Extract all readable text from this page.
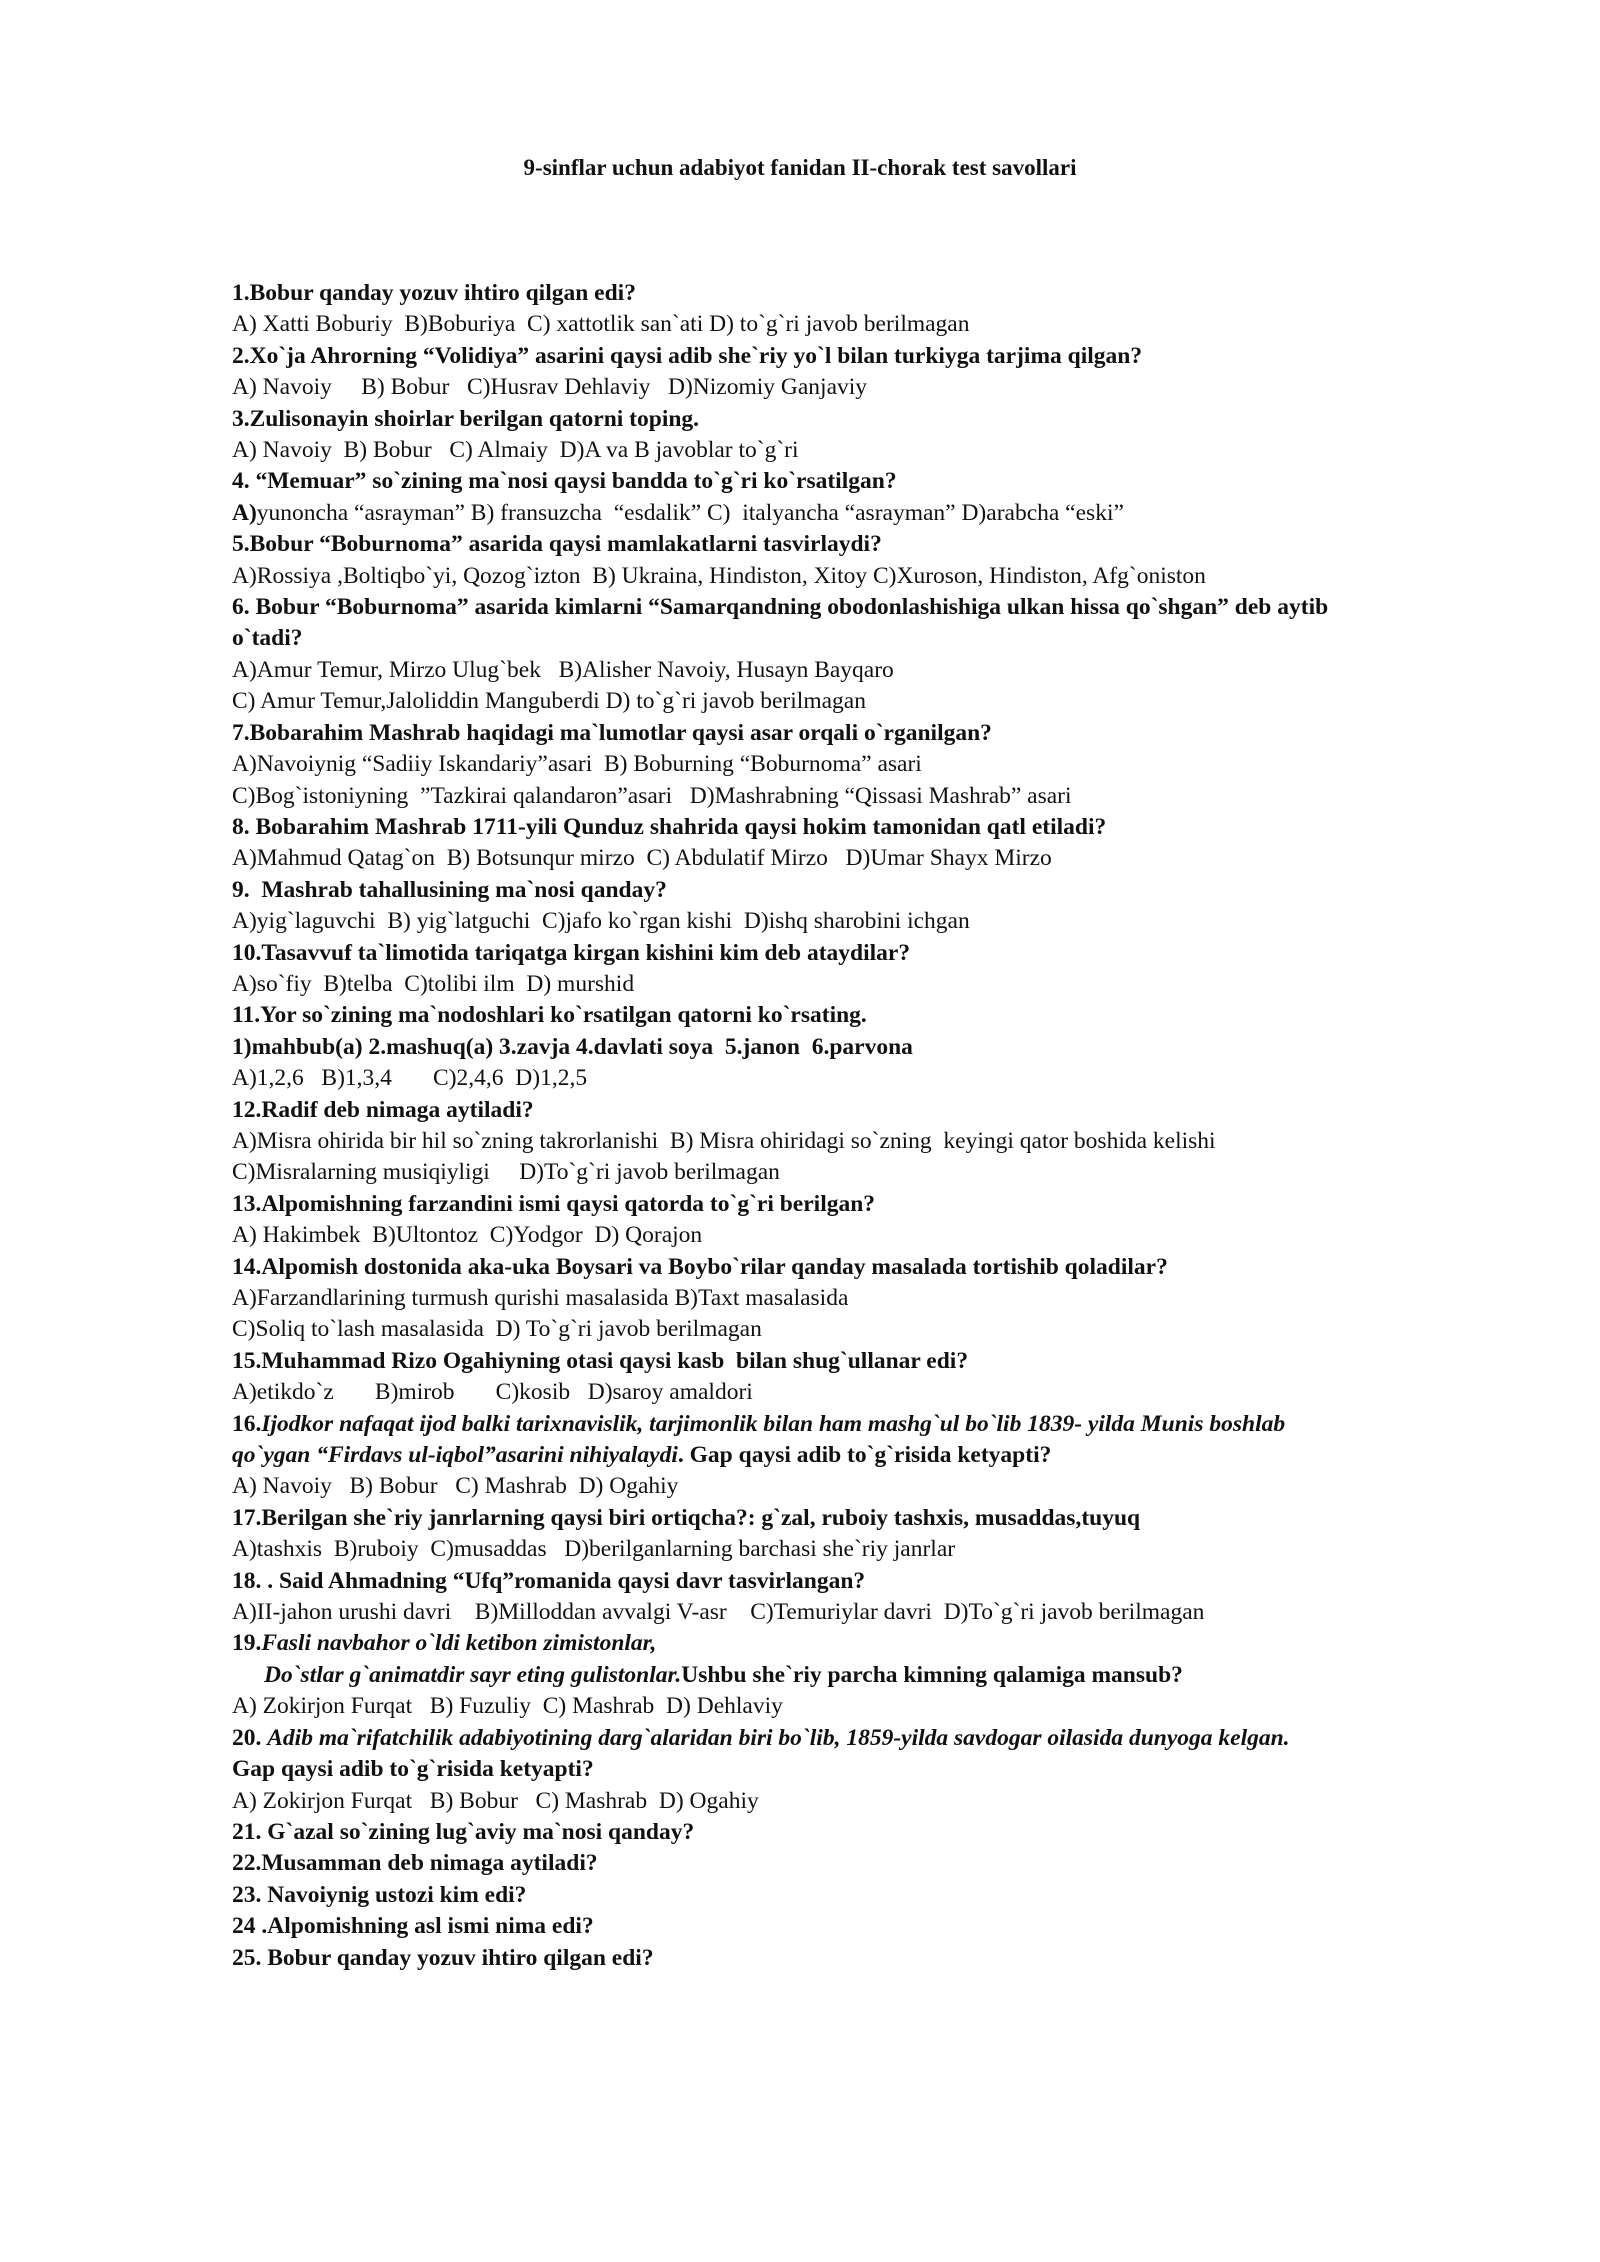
9-sinflar uchun adabiyot fanidan II-chorak test savollari
1.Bobur qanday yozuv ihtiro qilgan edi?
A) Xatti Boburiy  B)Boburiya  C) xattotlik san`ati D) to`g`ri javob berilmagan
2.Xo`ja Ahrorning “Volidiya” asarini qaysi adib she`riy yo`l bilan turkiyga tarjima qilgan?
A) Navoiy     B) Bobur   C)Husrav Dehlaviy   D)Nizomiy Ganjaviy
3.Zulisonayin shoirlar berilgan qatorni toping.
A) Navoiy  B) Bobur   C) Almaiy  D)A va B javoblar to`g`ri
4. “Memuar” so`zining ma`nosi qaysi bandda to`g`ri ko`rsatilgan?
A)yunoncha “asrayman” B) fransuzcha  “esdalik” C)  italyancha “asrayman” D)arabcha “eski”
5.Bobur “Boburnoma” asarida qaysi mamlakatlarni tasvirlaydi?
A)Rossiya ,Boltiqbo`yi, Qozog`izton  B) Ukraina, Hindiston, Xitoy C)Xuroson, Hindiston, Afg`oniston
6. Bobur “Boburnoma” asarida kimlarni “Samarqandning obodonlashishiga ulkan hissa qo`shgan” deb aytib
o`tadi?
A)Amur Temur, Mirzo Ulug`bek   B)Alisher Navoiy, Husayn Bayqaro
C) Amur Temur,Jaloliddin Manguberdi D) to`g`ri javob berilmagan
7.Bobarahim Mashrab haqidagi ma`lumotlar qaysi asar orqali o`rganilgan?
A)Navoiynig “Sadiiy Iskandariy”asari  B) Boburning “Boburnoma” asari
C)Bog`istoniyning  ”Tazkirai qalandaron”asari   D)Mashrabning “Qissasi Mashrab” asari
8. Bobarahim Mashrab 1711-yili Qunduz shahrida qaysi hokim tamonidan qatl etiladi?
A)Mahmud Qatag`on  B) Botsunqur mirzo  C) Abdulatif Mirzo   D)Umar Shayx Mirzo
9.  Mashrab tahallusining ma`nosi qanday?
A)yig`laguvchi  B) yig`latguchi  C)jafo ko`rgan kishi  D)ishq sharobini ichgan
10.Tasavvuf ta`limotida tariqatga kirgan kishini kim deb ataydilar?
A)so`fiy  B)telba  C)tolibi ilm  D) murshid
11.Yor so`zining ma`nodoshlari ko`rsatilgan qatorni ko`rsating.
1)mahbub(a) 2.mashuq(a) 3.zavja 4.davlati soya  5.janon  6.parvona
A)1,2,6   B)1,3,4       C)2,4,6  D)1,2,5
12.Radif deb nimaga aytiladi?
A)Misra ohirida bir hil so`zning takrorlanishi  B) Misra ohiridagi so`zning  keyingi qator boshida kelishi
C)Misralarning musiqiyligi     D)To`g`ri javob berilmagan
13.Alpomishning farzandini ismi qaysi qatorda to`g`ri berilgan?
A) Hakimbek  B)Ultontoz  C)Yodgor  D) Qorajon
14.Alpomish dostonida aka-uka Boysari va Boybo`rilar qanday masalada tortishib qoladilar?
A)Farzandlarining turmush qurishi masalasida B)Taxt masalasida
C)Soliq to`lash masalasida  D) To`g`ri javob berilmagan
15.Muhammad Rizo Ogahiyning otasi qaysi kasb  bilan shug`ullanar edi?
A)etikdo`z       B)mirob       C)kosib   D)saroy amaldori
16.Ijodkor nafaqat ijod balki tarixnavislik, tarjimonlik bilan ham mashg`ul bo`lib 1839- yilda Munis boshlab
qo`ygan “Firdavs ul-iqbol”asarini nihiyalaydi. Gap qaysi adib to`g`risida ketyapti?
A) Navoiy   B) Bobur   C) Mashrab  D) Ogahiy
17.Berilgan she`riy janrlarning qaysi biri ortiqcha?: g`zal, ruboiy tashxis, musaddas,tuyuq
A)tashxis  B)ruboiy  C)musaddas   D)berilganlarning barchasi she`riy janrlar
18. . Said Ahmadning “Ufq”romanida qaysi davr tasvirlangan?
A)II-jahon urushi davri    B)Milloddan avvalgi V-asr    C)Temuriylar davri  D)To`g`ri javob berilmagan
19.Fasli navbahor o`ldi ketibon zimistonlar,
Do`stlar g`animatdir sayr eting gulistonlar.Ushbu she`riy parcha kimning qalamiga mansub?
A) Zokirjon Furqat   B) Fuzuliy  C) Mashrab  D) Dehlaviy
20. Adib ma`rifatchilik adabiyotining darg`alaridan biri bo`lib, 1859-yilda savdogar oilasida dunyoga kelgan.
Gap qaysi adib to`g`risida ketyapti?
A) Zokirjon Furqat   B) Bobur   C) Mashrab  D) Ogahiy
21. G`azal so`zining lug`aviy ma`nosi qanday?
22.Musamman deb nimaga aytiladi?
23. Navoiynig ustozi kim edi?
24 .Alpomishning asl ismi nima edi?
25. Bobur qanday yozuv ihtiro qilgan edi?
